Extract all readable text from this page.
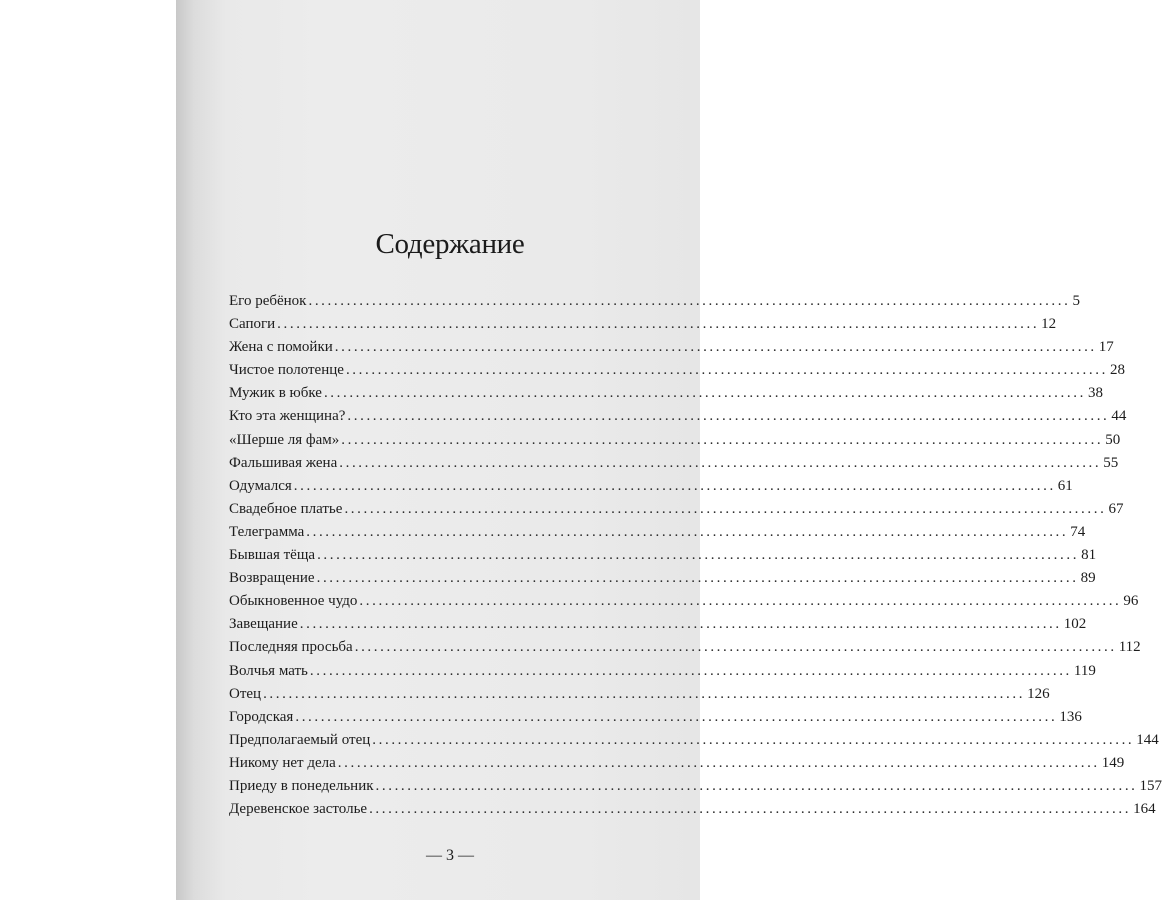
Содержание
Его ребёнок ........................................................................................................................ 5
Сапоги ........................................................................................................................ 12
Жена с помойки ........................................................................................................................ 17
Чистое полотенце ........................................................................................................................ 28
Мужик в юбке ........................................................................................................................ 38
Кто эта женщина? ........................................................................................................................ 44
«Шерше ля фам» ........................................................................................................................ 50
Фальшивая жена ........................................................................................................................ 55
Одумался ........................................................................................................................ 61
Свадебное платье ........................................................................................................................ 67
Телеграмма ........................................................................................................................ 74
Бывшая тёща ........................................................................................................................ 81
Возвращение ........................................................................................................................ 89
Обыкновенное чудо ........................................................................................................................ 96
Завещание ........................................................................................................................ 102
Последняя просьба ........................................................................................................................ 112
Волчья мать ........................................................................................................................ 119
Отец ........................................................................................................................ 126
Городская ........................................................................................................................ 136
Предполагаемый отец ........................................................................................................................ 144
Никому нет дела ........................................................................................................................ 149
Приеду в понедельник ........................................................................................................................ 157
Деревенское застолье ........................................................................................................................ 164
— 3 —
